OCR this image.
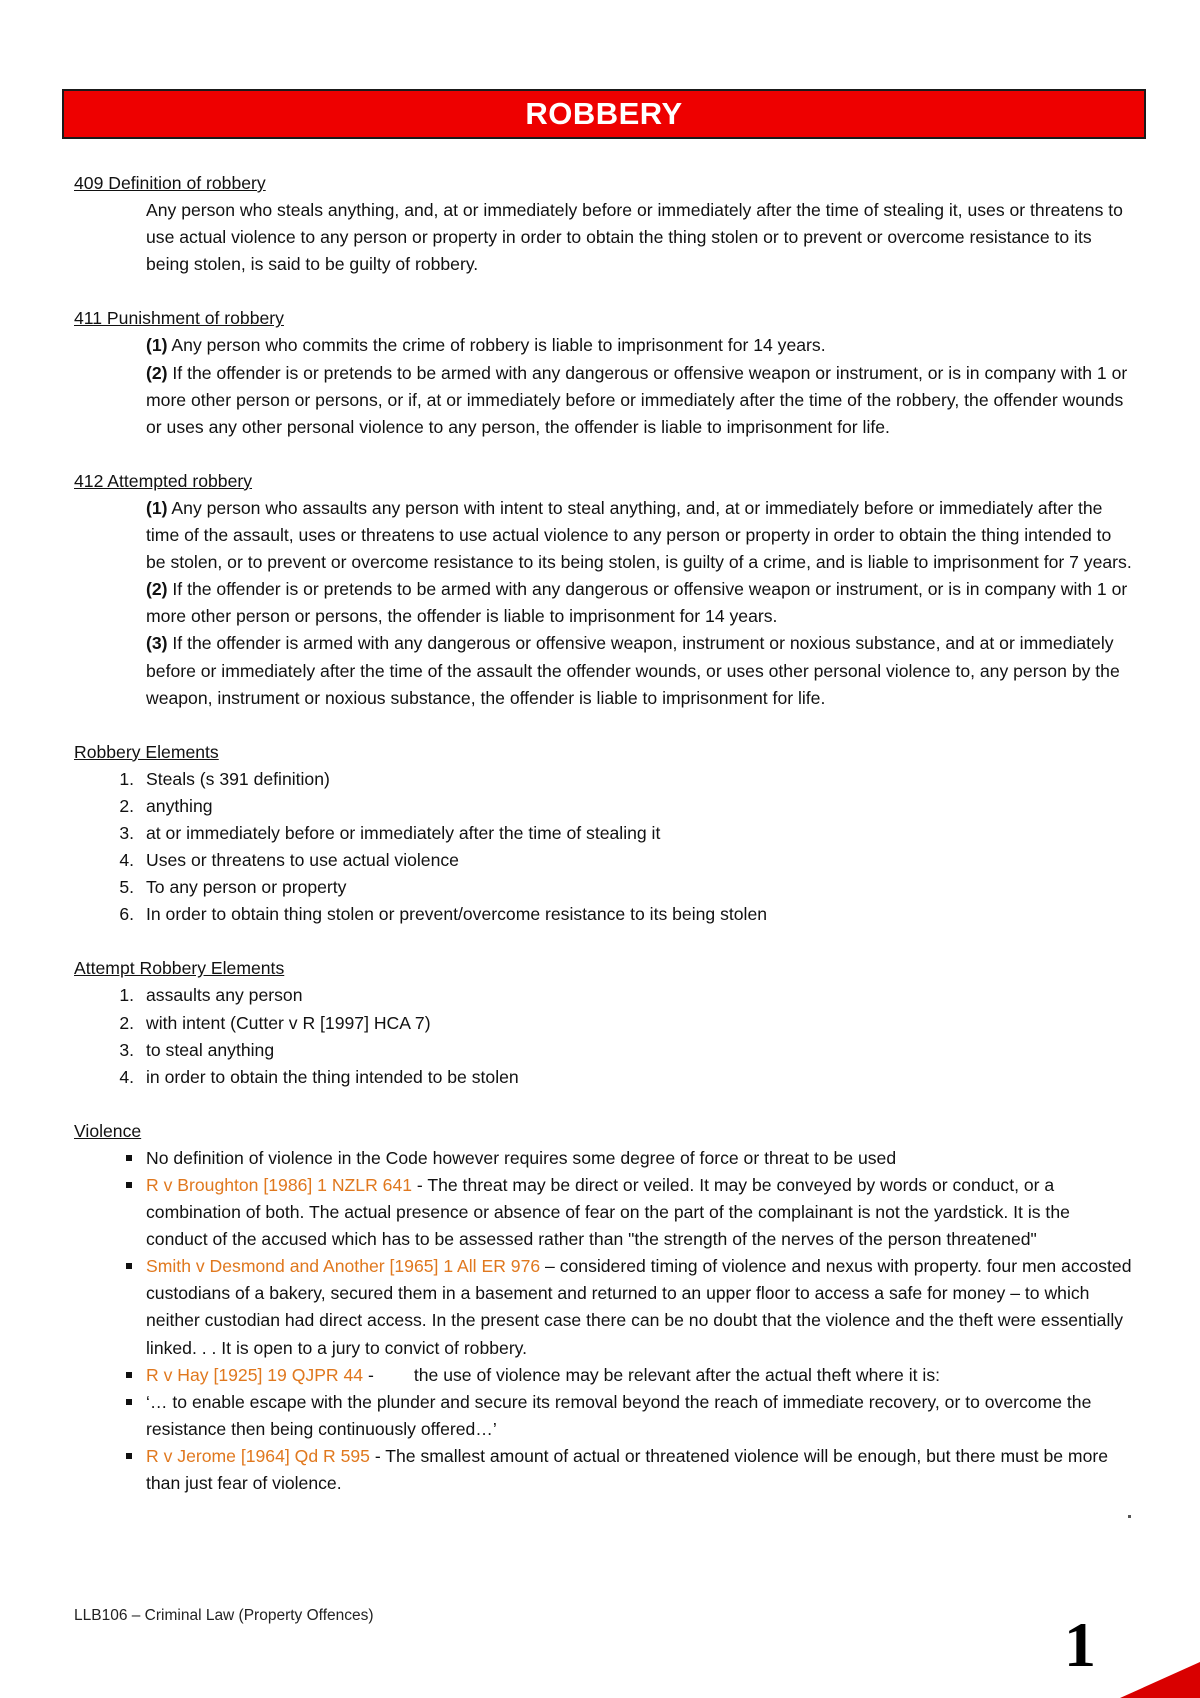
ROBBERY
409 Definition of robbery

Any person who steals anything, and, at or immediately before or immediately after the time of stealing it, uses or threatens to use actual violence to any person or property in order to obtain the thing stolen or to prevent or overcome resistance to its being stolen, is said to be guilty of robbery.

411 Punishment of robbery

(1) Any person who commits the crime of robbery is liable to imprisonment for 14 years.

(2) If the offender is or pretends to be armed with any dangerous or offensive weapon or instrument, or is in company with 1 or more other person or persons, or if, at or immediately before or immediately after the time of the robbery, the offender wounds or uses any other personal violence to any person, the offender is liable to imprisonment for life.

412 Attempted robbery

(1) Any person who assaults any person with intent to steal anything, and, at or immediately before or immediately after the time of the assault, uses or threatens to use actual violence to any person or property in order to obtain the thing intended to be stolen, or to prevent or overcome resistance to its being stolen, is guilty of a crime, and is liable to imprisonment for 7 years.

(2) If the offender is or pretends to be armed with any dangerous or offensive weapon or instrument, or is in company with 1 or more other person or persons, the offender is liable to imprisonment for 14 years.

(3) If the offender is armed with any dangerous or offensive weapon, instrument or noxious substance, and at or immediately before or immediately after the time of the assault the offender wounds, or uses other personal violence to, any person by the weapon, instrument or noxious substance, the offender is liable to imprisonment for life.

Robbery Elements
1. Steals (s 391 definition)
2. anything
3. at or immediately before or immediately after the time of stealing it
4. Uses or threatens to use actual violence
5. To any person or property
6. In order to obtain thing stolen or prevent/overcome resistance to its being stolen
Attempt Robbery Elements
1. assaults any person
2. with intent (Cutter v R [1997] HCA 7)
3. to steal anything
4. in order to obtain the thing intended to be stolen
Violence
No definition of violence in the Code however requires some degree of force or threat to be used
R v Broughton [1986] 1 NZLR 641 - The threat may be direct or veiled. It may be conveyed by words or conduct, or a combination of both. The actual presence or absence of fear on the part of the complainant is not the yardstick. It is the conduct of the accused which has to be assessed rather than "the strength of the nerves of the person threatened"
Smith v Desmond and Another [1965] 1 All ER 976 – considered timing of violence and nexus with property. four men accosted custodians of a bakery, secured them in a basement and returned to an upper floor to access a safe for money – to which neither custodian had direct access. In the present case there can be no doubt that the violence and the theft were essentially linked. . . It is open to a jury to convict of robbery.
R v Hay [1925] 19 QJPR 44 - the use of violence may be relevant after the actual theft where it is:
‘… to enable escape with the plunder and secure its removal beyond the reach of immediate recovery, or to overcome the resistance then being continuously offered…’
R v Jerome [1964] Qd R 595 - The smallest amount of actual or threatened violence will be enough, but there must be more than just fear of violence.
LLB106 – Criminal Law (Property Offences)	1
